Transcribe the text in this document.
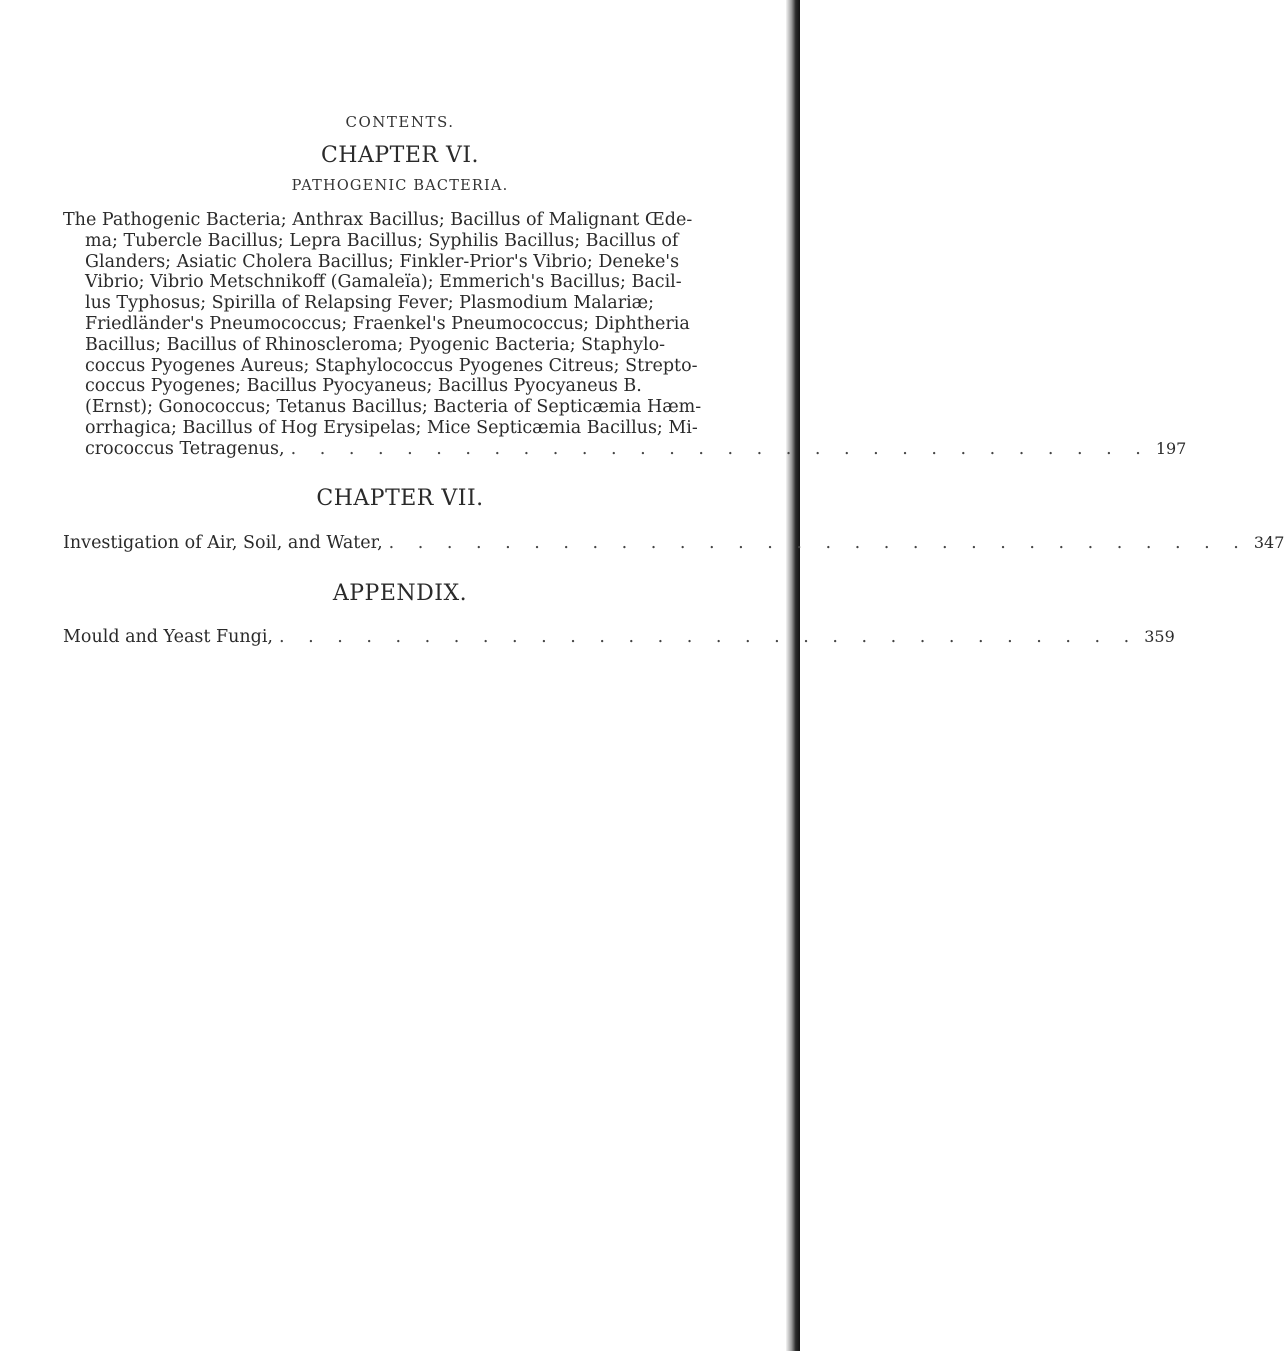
CONTENTS.
CHAPTER VI.
PATHOGENIC BACTERIA.
The Pathogenic Bacteria; Anthrax Bacillus; Bacillus of Malignant Œde-
ma; Tubercle Bacillus; Lepra Bacillus; Syphilis Bacillus; Bacillus of
Glanders; Asiatic Cholera Bacillus; Finkler-Prior's Vibrio; Deneke's
Vibrio; Vibrio Metschnikoff (Gamaleïa); Emmerich's Bacillus; Bacil-
lus Typhosus; Spirilla of Relapsing Fever; Plasmodium Malariæ;
Friedländer's Pneumococcus; Fraenkel's Pneumococcus; Diphtheria
Bacillus; Bacillus of Rhinoscleroma; Pyogenic Bacteria; Staphylo-
coccus Pyogenes Aureus; Staphylococcus Pyogenes Citreus; Strepto-
coccus Pyogenes; Bacillus Pyocyaneus; Bacillus Pyocyaneus B.
(Ernst); Gonococcus; Tetanus Bacillus; Bacteria of Septicæmia Hæm-
orrhagica; Bacillus of Hog Erysipelas; Mice Septicæmia Bacillus; Mi-
crococcus Tetragenus, . . . . . . . . . . . . . . . . . . . . . . . . . . . . . . 197
CHAPTER VII.
Investigation of Air, Soil, and Water, . . . . . . . . . . . . . . . . . . . . . . . . . . . . . . 347
APPENDIX.
Mould and Yeast Fungi, . . . . . . . . . . . . . . . . . . . . . . . . . . . . . . 359
